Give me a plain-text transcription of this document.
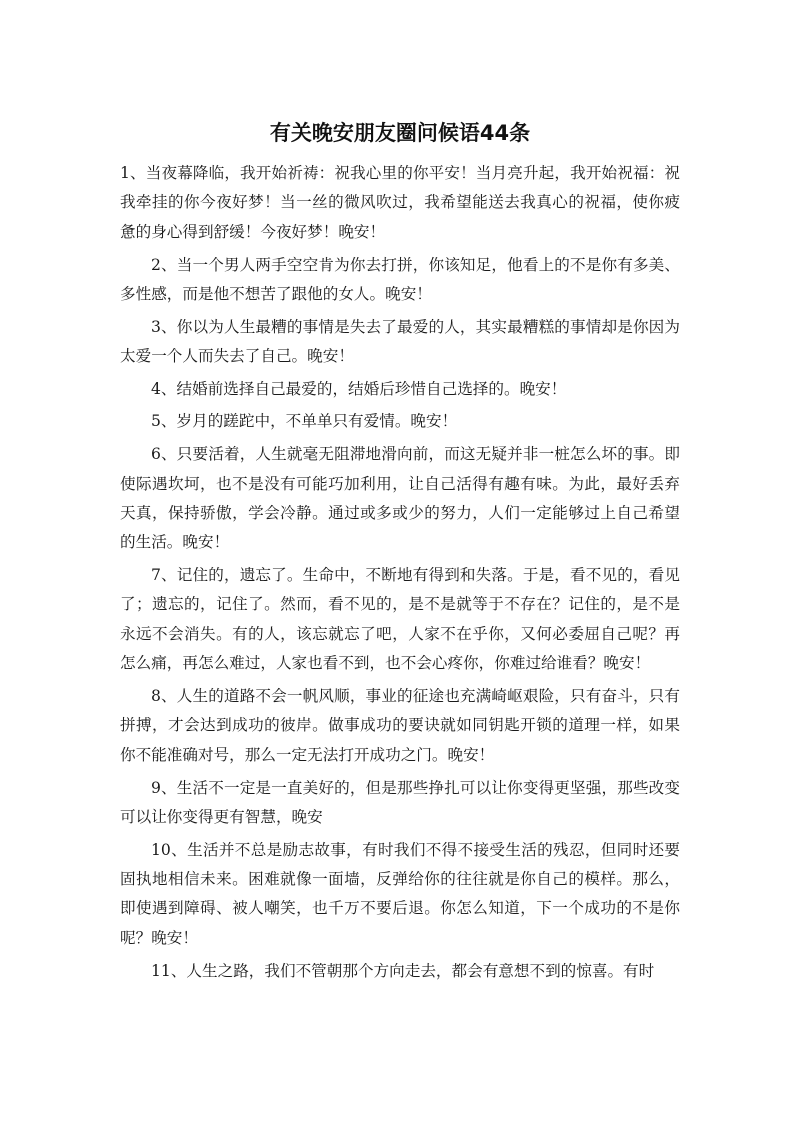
有关晚安朋友圈问候语44条

1、当夜幕降临，我开始祈祷：祝我心里的你平安！当月亮升起，我开始祝福：祝我牵挂的你今夜好梦！当一丝的微风吹过，我希望能送去我真心的祝福，使你疲惫的身心得到舒缓！今夜好梦！晚安！

2、当一个男人两手空空肯为你去打拼，你该知足，他看上的不是你有多美、多性感，而是他不想苦了跟他的女人。晚安！

3、你以为人生最糟的事情是失去了最爱的人，其实最糟糕的事情却是你因为太爱一个人而失去了自己。晚安！

4、结婚前选择自己最爱的，结婚后珍惜自己选择的。晚安！

5、岁月的蹉跎中，不单单只有爱情。晚安！

6、只要活着，人生就毫无阻滞地滑向前，而这无疑并非一桩怎么坏的事。即使际遇坎坷，也不是没有可能巧加利用，让自己活得有趣有味。为此，最好丢弃天真，保持骄傲，学会冷静。通过或多或少的努力，人们一定能够过上自己希望的生活。晚安！

7、记住的，遗忘了。生命中，不断地有得到和失落。于是，看不见的，看见了；遗忘的，记住了。然而，看不见的，是不是就等于不存在？记住的，是不是永远不会消失。有的人，该忘就忘了吧，人家不在乎你，又何必委屈自己呢？再怎么痛，再怎么难过，人家也看不到，也不会心疼你，你难过给谁看？晚安！

8、人生的道路不会一帆风顺，事业的征途也充满崎岖艰险，只有奋斗，只有拼搏，才会达到成功的彼岸。做事成功的要诀就如同钥匙开锁的道理一样，如果你不能准确对号，那么一定无法打开成功之门。晚安！

9、生活不一定是一直美好的，但是那些挣扎可以让你变得更坚强，那些改变可以让你变得更有智慧，晚安

10、生活并不总是励志故事，有时我们不得不接受生活的残忍，但同时还要固执地相信未来。困难就像一面墙，反弹给你的往往就是你自己的模样。那么，即使遇到障碍、被人嘲笑，也千万不要后退。你怎么知道，下一个成功的不是你呢？晚安！

11、人生之路，我们不管朝那个方向走去，都会有意想不到的惊喜。有时
